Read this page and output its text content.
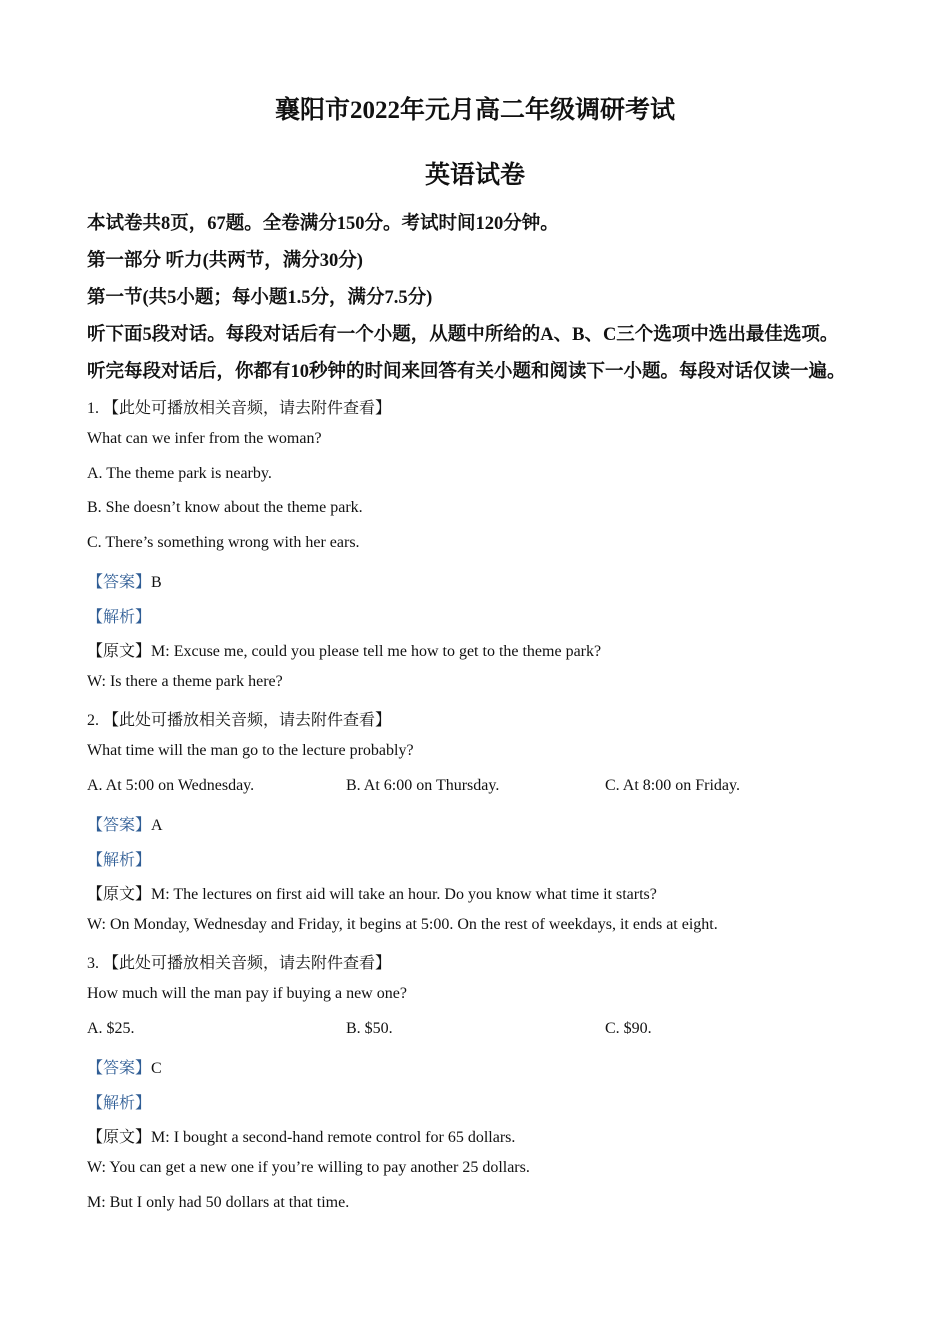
襄阳市2022年元月高二年级调研考试
英语试卷
本试卷共8页，67题。全卷满分150分。考试时间120分钟。
第一部分 听力(共两节，满分30分)
第一节(共5小题；每小题1.5分，满分7.5分)
听下面5段对话。每段对话后有一个小题，从题中所给的A、B、C三个选项中选出最佳选项。
听完每段对话后，你都有10秒钟的时间来回答有关小题和阅读下一小题。每段对话仅读一遍。
1. 【此处可播放相关音频，请去附件查看】
What can we infer from the woman?
A. The theme park is nearby.
B. She doesn’t know about the theme park.
C. There’s something wrong with her ears.
【答案】B
【解析】
【原文】M: Excuse me, could you please tell me how to get to the theme park?
W: Is there a theme park here?
2. 【此处可播放相关音频，请去附件查看】
What time will the man go to the lecture probably?
A. At 5:00 on Wednesday.	B. At 6:00 on Thursday.	C. At 8:00 on Friday.
【答案】A
【解析】
【原文】M: The lectures on first aid will take an hour. Do you know what time it starts?
W: On Monday, Wednesday and Friday, it begins at 5:00. On the rest of weekdays, it ends at eight.
3. 【此处可播放相关音频，请去附件查看】
How much will the man pay if buying a new one?
A. $25.	B. $50.	C. $90.
【答案】C
【解析】
【原文】M: I bought a second-hand remote control for 65 dollars.
W: You can get a new one if you’re willing to pay another 25 dollars.
M: But I only had 50 dollars at that time.
